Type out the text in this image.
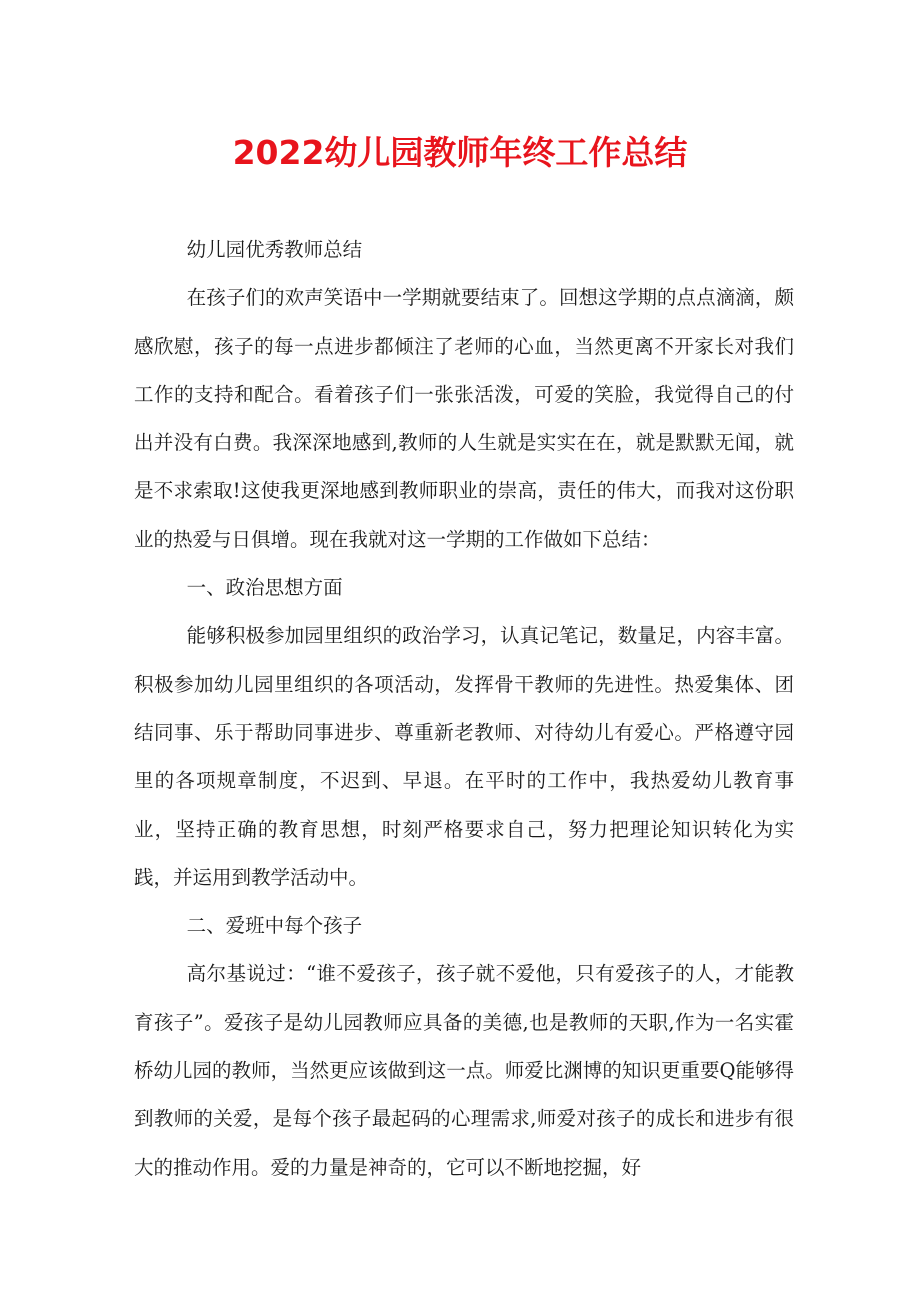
2022幼儿园教师年终工作总结

幼儿园优秀教师总结

在孩子们的欢声笑语中一学期就要结束了。回想这学期的点点滴滴，颇感欣慰，孩子的每一点进步都倾注了老师的心血，当然更离不开家长对我们工作的支持和配合。看着孩子们一张张活泼，可爱的笑脸，我觉得自己的付出并没有白费。我深深地感到,教师的人生就是实实在在，就是默默无闻，就是不求索取!这使我更深地感到教师职业的崇高，责任的伟大，而我对这份职业的热爱与日俱增。现在我就对这一学期的工作做如下总结：

一、政治思想方面

能够积极参加园里组织的政治学习，认真记笔记，数量足，内容丰富。积极参加幼儿园里组织的各项活动，发挥骨干教师的先进性。热爱集体、团结同事、乐于帮助同事进步、尊重新老教师、对待幼儿有爱心。严格遵守园里的各项规章制度，不迟到、早退。在平时的工作中，我热爱幼儿教育事业，坚持正确的教育思想，时刻严格要求自己，努力把理论知识转化为实践，并运用到教学活动中。

二、爱班中每个孩子

高尔基说过：“谁不爱孩子，孩子就不爱他，只有爱孩子的人，才能教育孩子”。爱孩子是幼儿园教师应具备的美德,也是教师的天职,作为一名实霍桥幼儿园的教师，当然更应该做到这一点。师爱比渊博的知识更重要Q能够得到教师的关爱，是每个孩子最起码的心理需求,师爱对孩子的成长和进步有很大的推动作用。爱的力量是神奇的，它可以不断地挖掘，好
